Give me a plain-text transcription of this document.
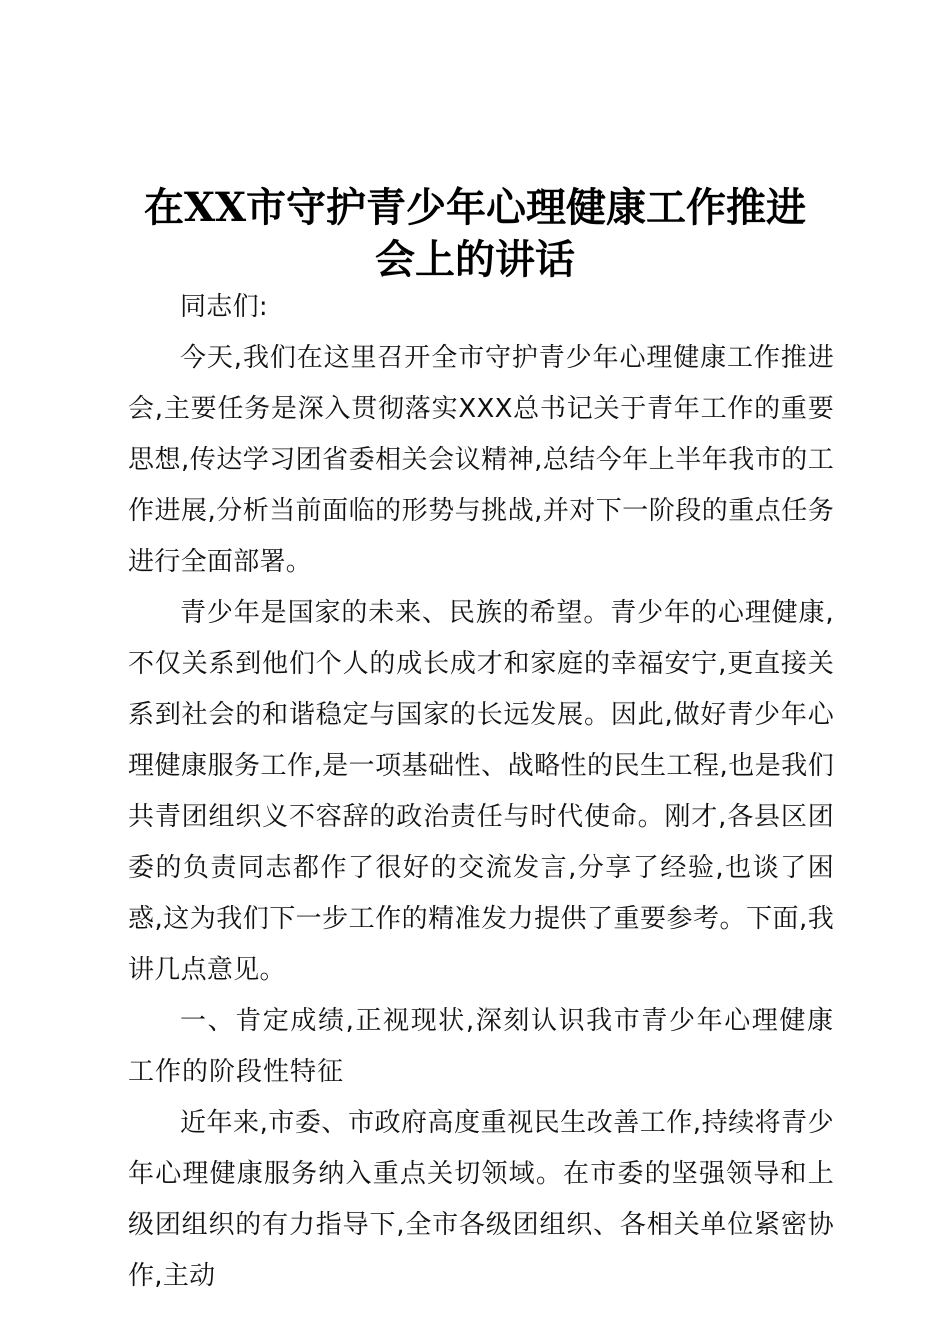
在XX市守护青少年心理健康工作推进
会上的讲话

同志们:

今天,我们在这里召开全市守护青少年心理健康工作推进会,主要任务是深入贯彻落实XXX总书记关于青年工作的重要思想,传达学习团省委相关会议精神,总结今年上半年我市的工作进展,分析当前面临的形势与挑战,并对下一阶段的重点任务进行全面部署。

青少年是国家的未来、民族的希望。青少年的心理健康,不仅关系到他们个人的成长成才和家庭的幸福安宁,更直接关系到社会的和谐稳定与国家的长远发展。因此,做好青少年心理健康服务工作,是一项基础性、战略性的民生工程,也是我们共青团组织义不容辞的政治责任与时代使命。刚才,各县区团委的负责同志都作了很好的交流发言,分享了经验,也谈了困惑,这为我们下一步工作的精准发力提供了重要参考。下面,我讲几点意见。

一、肯定成绩,正视现状,深刻认识我市青少年心理健康工作的阶段性特征

近年来,市委、市政府高度重视民生改善工作,持续将青少年心理健康服务纳入重点关切领域。在市委的坚强领导和上级团组织的有力指导下,全市各级团组织、各相关单位紧密协作,主动
